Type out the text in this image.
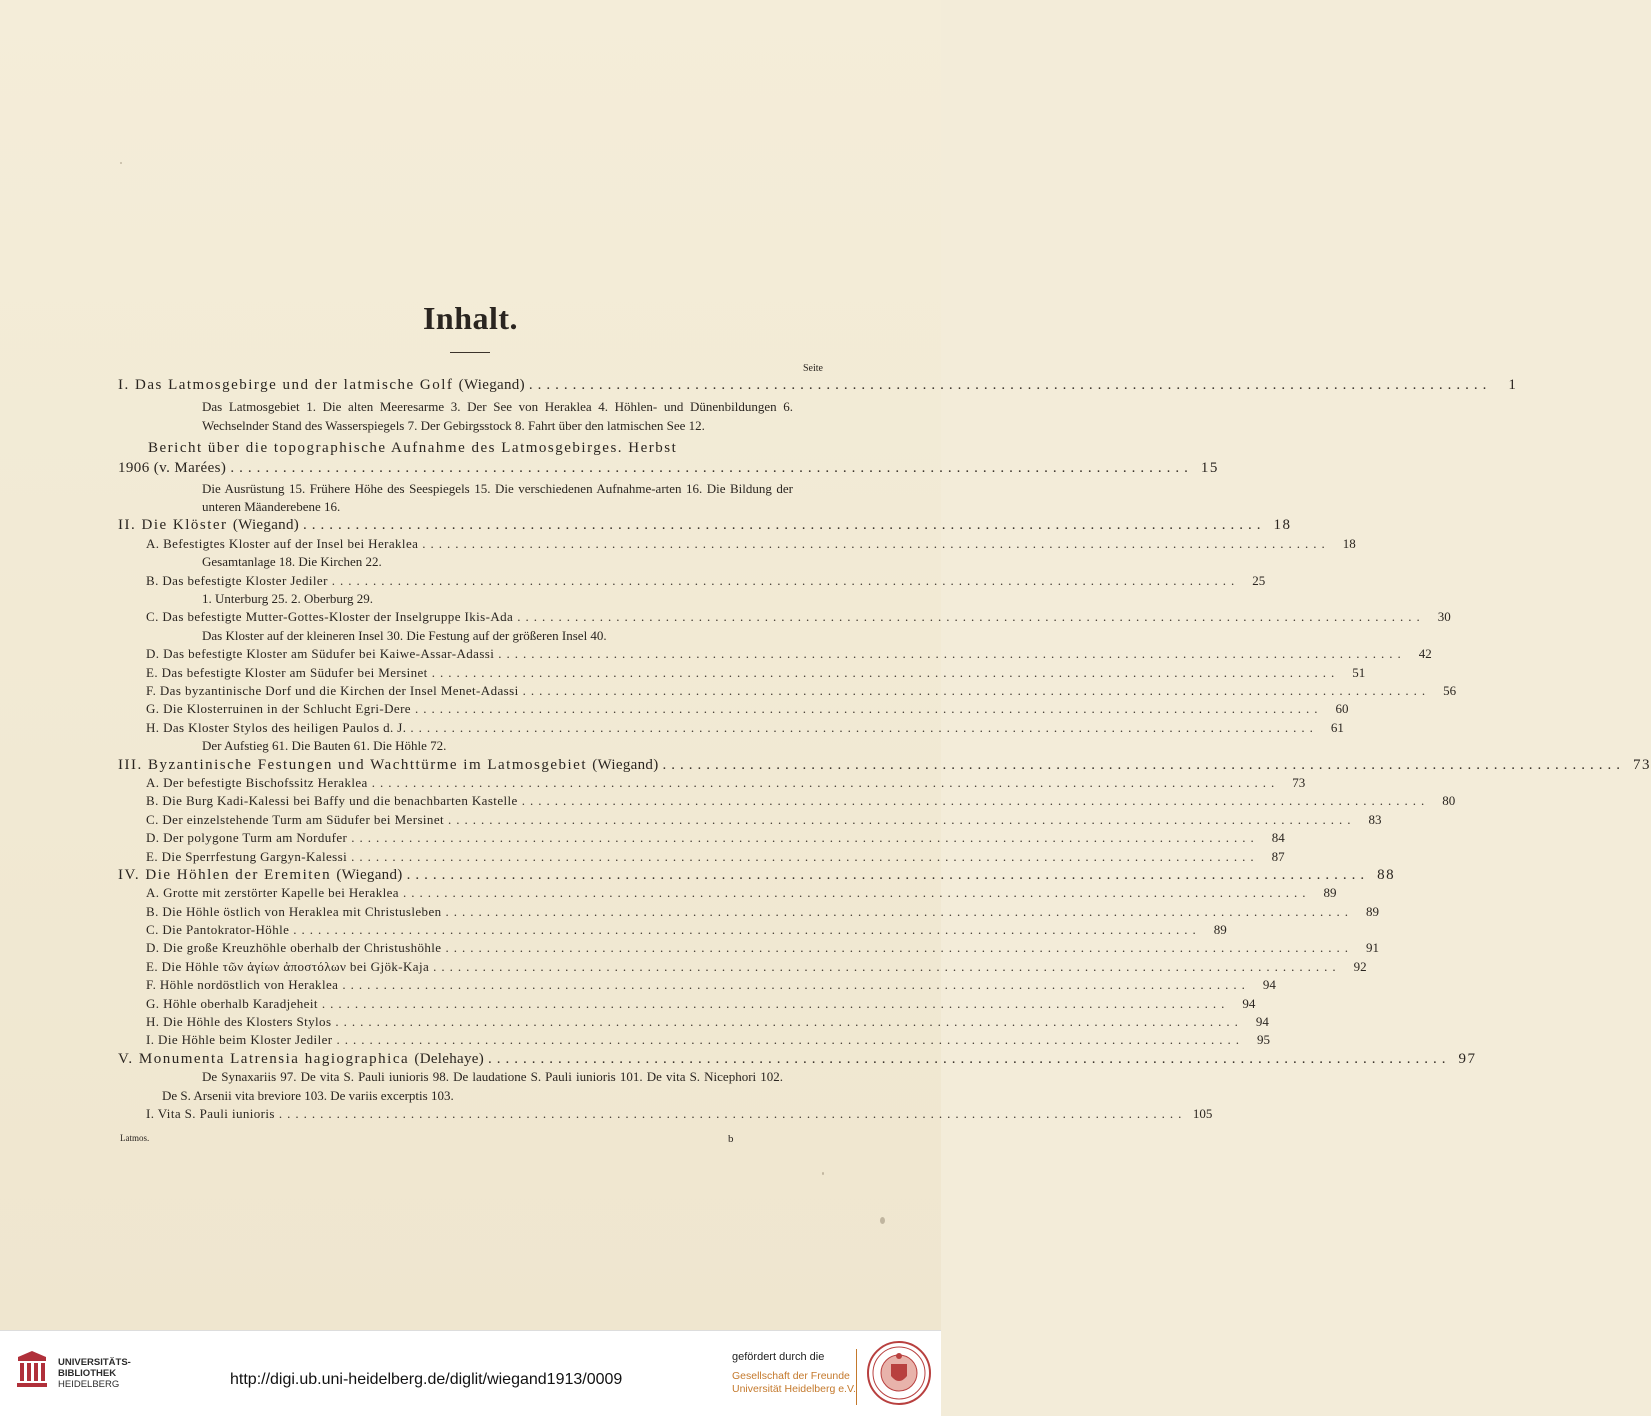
Inhalt.
Seite
I. Das Latmosgebirge und der latmische Golf (Wiegand) ..............................................................................................................	1
Das Latmosgebiet 1. Die alten Meeresarme 3. Der See von Heraklea 4. Höhlen- und Dünenbildungen 6. Wechselnder Stand des Wasserspiegels 7. Der Gebirgsstock 8. Fahrt über den latmischen See 12.
Bericht über die topographische Aufnahme des Latmosgebirges. Herbst
1906 (v. Marées) .............................................................................................................. 15
Die Ausrüstung 15. Frühere Höhe des Seespiegels 15. Die verschiedenen Aufnahme-arten 16. Die Bildung der unteren Mäanderebene 16.
II. Die Klöster (Wiegand) .............................................................................................................. 18
A. Befestigtes Kloster auf der Insel bei Heraklea ..............................................................................................................	18
Gesamtanlage 18. Die Kirchen 22.
B. Das befestigte Kloster Jediler ..............................................................................................................	25
1. Unterburg 25. 2. Oberburg 29.
C. Das befestigte Mutter-Gottes-Kloster der Inselgruppe Ikis-Ada ..............................................................................................................	30
Das Kloster auf der kleineren Insel 30. Die Festung auf der größeren Insel 40.
D. Das befestigte Kloster am Südufer bei Kaiwe-Assar-Adassi ..............................................................................................................	42
E. Das befestigte Kloster am Südufer bei Mersinet ..............................................................................................................	51
F. Das byzantinische Dorf und die Kirchen der Insel Menet-Adassi ..............................................................................................................	56
G. Die Klosterruinen in der Schlucht Egri-Dere ..............................................................................................................	60
H. Das Kloster Stylos des heiligen Paulos d. J. ..............................................................................................................	61
Der Aufstieg 61. Die Bauten 61. Die Höhle 72.
III. Byzantinische Festungen und Wachttürme im Latmosgebiet (Wiegand) .............................................................................................................. 73
A. Der befestigte Bischofssitz Heraklea ..............................................................................................................	73
B. Die Burg Kadi-Kalessi bei Baffy und die benachbarten Kastelle ..............................................................................................................	80
C. Der einzelstehende Turm am Südufer bei Mersinet ..............................................................................................................	83
D. Der polygone Turm am Nordufer ..............................................................................................................	84
E. Die Sperrfestung Gargyn-Kalessi ..............................................................................................................	87
IV. Die Höhlen der Eremiten (Wiegand) .............................................................................................................. 88
A. Grotte mit zerstörter Kapelle bei Heraklea ..............................................................................................................	89
B. Die Höhle östlich von Heraklea mit Christusleben ..............................................................................................................	89
C. Die Pantokrator-Höhle ..............................................................................................................	89
D. Die große Kreuzhöhle oberhalb der Christushöhle ..............................................................................................................	91
E. Die Höhle τῶν ἁγίων ἀποστόλων bei Gjök-Kaja ..............................................................................................................	92
F. Höhle nordöstlich von Heraklea ..............................................................................................................	94
G. Höhle oberhalb Karadjeheit ..............................................................................................................	94
H. Die Höhle des Klosters Stylos ..............................................................................................................	94
I. Die Höhle beim Kloster Jediler ..............................................................................................................	95
V. Monumenta Latrensia hagiographica (Delehaye) .............................................................................................................. 97
De Synaxariis 97. De vita S. Pauli iunioris 98. De laudatione S. Pauli iunioris 101. De vita S. Nicephori 102. De S. Arsenii vita breviore 103. De variis excerptis 103.
I. Vita S. Pauli iunioris .............................................................................................................. 105
Latmos.	b
UNIVERSITÄTS-
BIBLIOTHEK
HEIDELBERG	http://digi.ub.uni-heidelberg.de/diglit/wiegand1913/0009
gefördert durch die
Gesellschaft der Freunde
Universität Heidelberg e.V.
